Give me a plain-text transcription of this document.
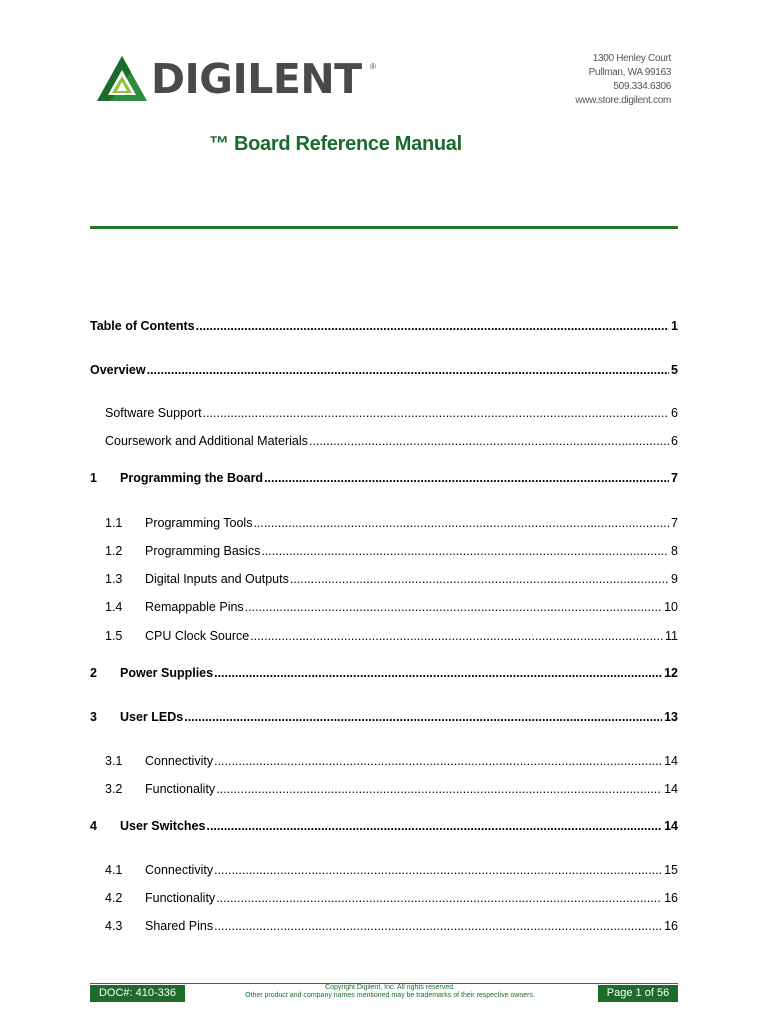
DIGILENT ®
1300 Henley Court
Pullman, WA 99163
509.334.6306
www.store.digilent.com
™ Board Reference Manual
Table of Contents .....	1
Overview .....	5
Software Support .....	6
Coursework and Additional Materials .....	6
1	Programming the Board .....	7
1.1	Programming Tools .....	7
1.2	Programming Basics .....	8
1.3	Digital Inputs and Outputs .....	9
1.4	Remappable Pins .....	10
1.5	CPU Clock Source .....	11
2	Power Supplies .....	12
3	User LEDs .....	13
3.1	Connectivity .....	14
3.2	Functionality .....	14
4	User Switches .....	14
4.1	Connectivity .....	15
4.2	Functionality .....	16
4.3	Shared Pins .....	16
DOC#: 410-336	Copyright Digilent, Inc. All rights reserved.
Other product and company names mentioned may be trademarks of their respective owners.	Page 1 of 56
